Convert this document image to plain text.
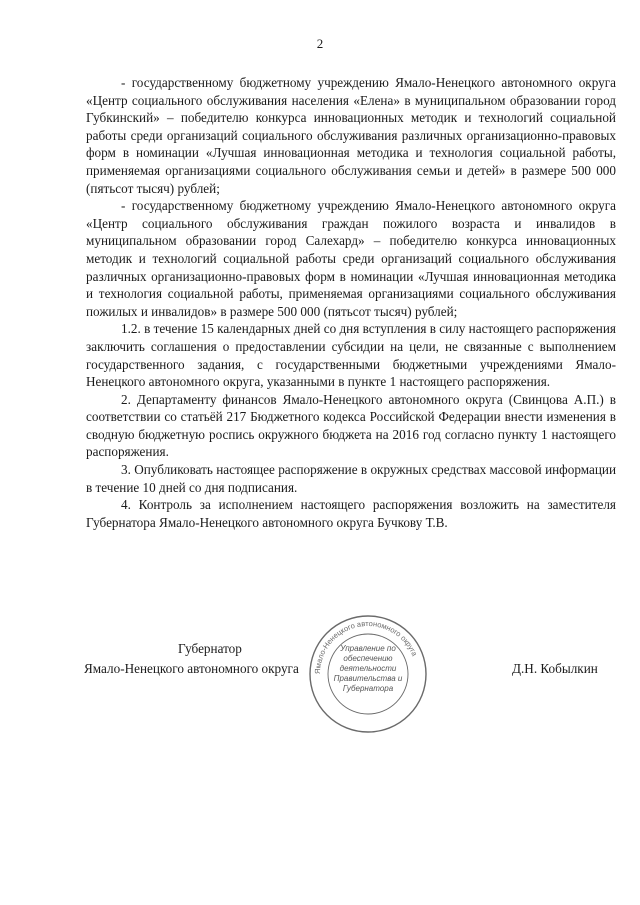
2

- государственному бюджетному учреждению Ямало-Ненецкого автономного округа «Центр социального обслуживания населения «Елена» в муниципальном образовании город Губкинский» – победителю конкурса инновационных методик и технологий социальной работы среди организаций социального обслуживания различных организационно-правовых форм в номинации «Лучшая инновационная методика и технология социальной работы, применяемая организациями социального обслуживания семьи и детей» в размере 500 000 (пятьсот тысяч) рублей;

- государственному бюджетному учреждению Ямало-Ненецкого автономного округа «Центр социального обслуживания граждан пожилого возраста и инвалидов в муниципальном образовании город Салехард» – победителю конкурса инновационных методик и технологий социальной работы среди организаций социального обслуживания различных организационно-правовых форм в номинации «Лучшая инновационная методика и технология социальной работы, применяемая организациями социального обслуживания пожилых и инвалидов» в размере 500 000 (пятьсот тысяч) рублей;

1.2. в течение 15 календарных дней со дня вступления в силу настоящего распоряжения заключить соглашения о предоставлении субсидии на цели, не связанные с выполнением государственного задания, с государственными бюджетными учреждениями Ямало-Ненецкого автономного округа, указанными в пункте 1 настоящего распоряжения.

2. Департаменту финансов Ямало-Ненецкого автономного округа (Свинцова А.П.) в соответствии со статьёй 217 Бюджетного кодекса Российской Федерации внести изменения в сводную бюджетную роспись окружного бюджета на 2016 год согласно пункту 1 настоящего распоряжения.

3. Опубликовать настоящее распоряжение в окружных средствах массовой информации в течение 10 дней со дня подписания.

4. Контроль за исполнением настоящего распоряжения возложить на заместителя Губернатора Ямало-Ненецкого автономного округа Бучкову Т.В.

Ямало-Ненецкого автономного округа
Управление по обеспечению деятельности Правительства и Губернатора
Губернатор
Ямало-Ненецкого автономного округа	Д.Н. Кобылкин
